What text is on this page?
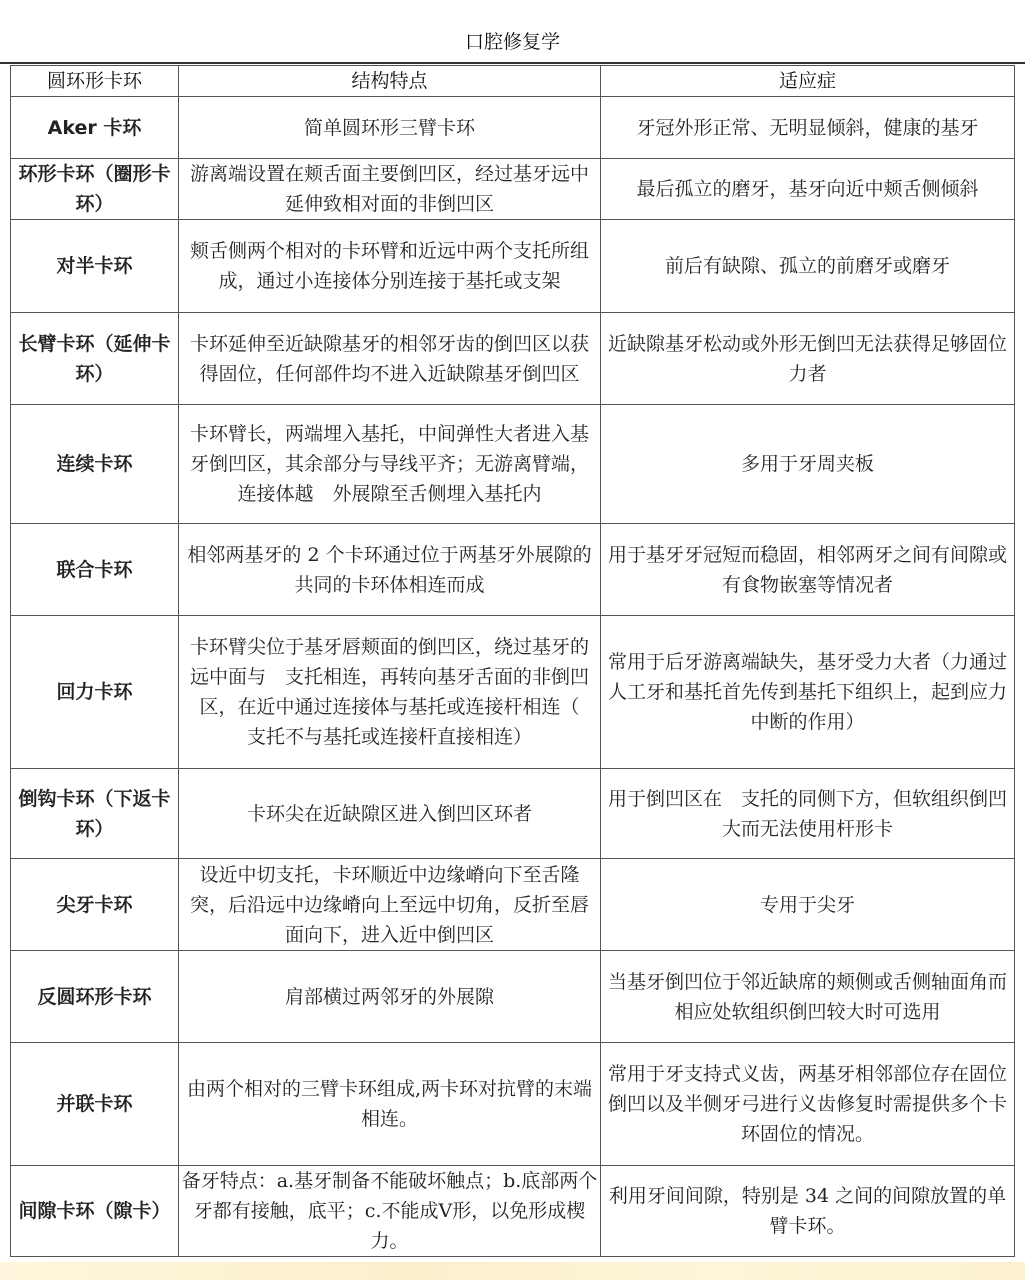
口腔修复学
圆环形卡环	结构特点	适应症
Aker 卡环	简单圆环形三臂卡环	牙冠外形正常、无明显倾斜，健康的基牙
环形卡环（圈形卡环）	游离端设置在颊舌面主要倒凹区，经过基牙远中延伸致相对面的非倒凹区	最后孤立的磨牙，基牙向近中颊舌侧倾斜
对半卡环	颊舌侧两个相对的卡环臂和近远中两个支托所组成，通过小连接体分别连接于基托或支架	前后有缺隙、孤立的前磨牙或磨牙
长臂卡环（延伸卡环）	卡环延伸至近缺隙基牙的相邻牙齿的倒凹区以获得固位，任何部件均不进入近缺隙基牙倒凹区	近缺隙基牙松动或外形无倒凹无法获得足够固位力者
连续卡环	卡环臂长，两端埋入基托，中间弹性大者进入基牙倒凹区，其余部分与导线平齐；无游离臂端，连接体越　外展隙至舌侧埋入基托内	多用于牙周夹板
联合卡环	相邻两基牙的 2 个卡环通过位于两基牙外展隙的共同的卡环体相连而成	用于基牙牙冠短而稳固，相邻两牙之间有间隙或有食物嵌塞等情况者
回力卡环	卡环臂尖位于基牙唇颊面的倒凹区，绕过基牙的远中面与　支托相连，再转向基牙舌面的非倒凹区，在近中通过连接体与基托或连接杆相连（　支托不与基托或连接杆直接相连）	常用于后牙游离端缺失，基牙受力大者（力通过人工牙和基托首先传到基托下组织上，起到应力中断的作用）
倒钩卡环（下返卡环）	卡环尖在近缺隙区进入倒凹区环者	用于倒凹区在　支托的同侧下方，但软组织倒凹大而无法使用杆形卡
尖牙卡环	设近中切支托，卡环顺近中边缘嵴向下至舌隆突，后沿远中边缘嵴向上至远中切角，反折至唇面向下，进入近中倒凹区	专用于尖牙
反圆环形卡环	肩部横过两邻牙的外展隙	当基牙倒凹位于邻近缺席的颊侧或舌侧轴面角而相应处软组织倒凹较大时可选用
并联卡环	由两个相对的三臂卡环组成,两卡环对抗臂的末端相连。	常用于牙支持式义齿，两基牙相邻部位存在固位倒凹以及半侧牙弓进行义齿修复时需提供多个卡环固位的情况。
间隙卡环（隙卡）	备牙特点：a.基牙制备不能破坏触点；b.底部两个牙都有接触，底平；c.不能成V形，以免形成楔力。	利用牙间间隙，特别是 34 之间的间隙放置的单臂卡环。
